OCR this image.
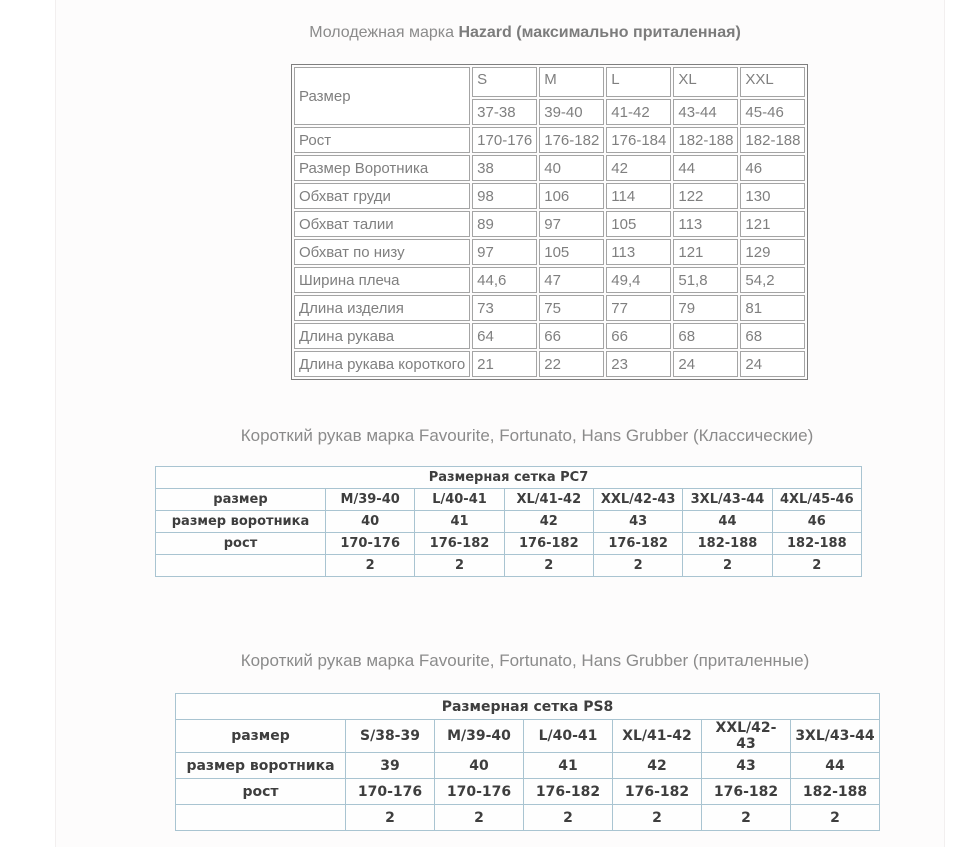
Молодежная марка Hazard (максимально приталенная)
Размер	S	M	L	XL	XXL
	37-38	39-40	41-42	43-44	45-46
Рост	170-176	176-182	176-184	182-188	182-188
Размер Воротника	38	40	42	44	46
Обхват груди	98	106	114	122	130
Обхват талии	89	97	105	113	121
Обхват по низу	97	105	113	121	129
Ширина плеча	44,6	47	49,4	51,8	54,2
Длина изделия	73	75	77	79	81
Длина рукава	64	66	66	68	68
Длина рукава короткого	21	22	23	24	24
Короткий рукав марка Favourite, Fortunato, Hans Grubber (Классические)
Размерная сетка PC7						
размер	M/39-40	L/40-41	XL/41-42	XXL/42-43	3XL/43-44	4XL/45-46
размер воротника	40	41	42	43	44	46
рост	170-176	176-182	176-182	176-182	182-188	182-188
	2	2	2	2	2	2
Короткий рукав марка Favourite, Fortunato, Hans Grubber (приталенные)
Размерная сетка PS8						
размер	S/38-39	M/39-40	L/40-41	XL/41-42	XXL/42-43	3XL/43-44
размер воротника	39	40	41	42	43	44
рост	170-176	170-176	176-182	176-182	176-182	182-188
	2	2	2	2	2	2
